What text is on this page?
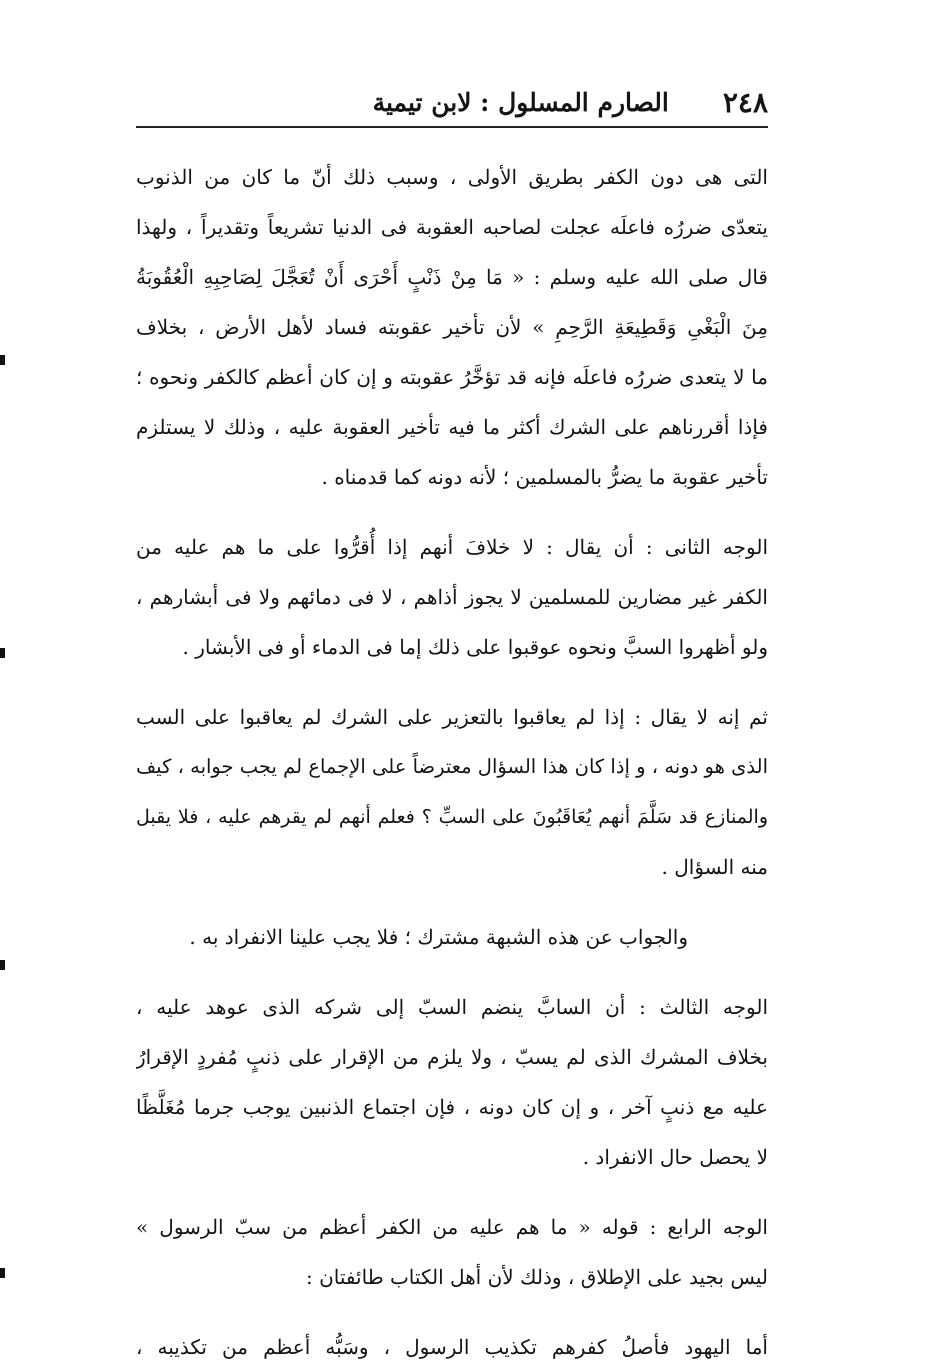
٢٤٨
الصارم المسلول : لابن تيمية
التى هى دون الكفر بطريق الأولى ، وسبب ذلك أنّ ما كان من الذنوب
يتعدّى ضررُه فاعلَه عجلت لصاحبه العقوبة فى الدنيا تشريعاً وتقديراً ، ولهذا
قال صلى الله عليه وسلم : « مَا مِنْ ذَنْبٍ أَحْرَى أَنْ تُعَجَّلَ لِصَاحِبِهِ الْعُقُوبَةُ
مِنَ الْبَغْىِ وَقَطِيعَةِ الرَّحِمِ » لأن تأخير عقوبته فساد لأهل الأرض ، بخلاف
ما لا يتعدى ضررُه فاعلَه فإنه قد تؤخَّرُ عقوبته و إن كان أعظم كالكفر ونحوه ؛
فإذا أقررناهم على الشرك أكثر ما فيه تأخير العقوبة عليه ، وذلك لا يستلزم
تأخير عقوبة ما يضرُّ بالمسلمين ؛ لأنه دونه كما قدمناه .
الوجه الثانى : أن يقال : لا خلافَ أنهم إذا أُقرُّوا على ما هم عليه من
الكفر غير مضارين للمسلمين لا يجوز أذاهم ، لا فى دمائهم ولا فى أبشارهم ،
ولو أظهروا السبَّ ونحوه عوقبوا على ذلك إما فى الدماء أو فى الأبشار .
ثم إنه لا يقال : إذا لم يعاقبوا بالتعزير على الشرك لم يعاقبوا على السب
الذى هو دونه ، و إذا كان هذا السؤال معترضاً على الإجماع لم يجب جوابه ، كيف
والمنازع قد سَلَّمَ أنهم يُعَاقَبُونَ على السبِّ ؟ فعلم أنهم لم يقرهم عليه ، فلا يقبل
منه السؤال .
والجواب عن هذه الشبهة مشترك ؛ فلا يجب علينا الانفراد به .
الوجه الثالث : أن السابَّ ينضم السبّ إلى شركه الذى عوهد عليه ،
بخلاف المشرك الذى لم يسبّ ، ولا يلزم من الإقرار على ذنبٍ مُفردٍ الإقرارُ
عليه مع ذنبٍ آخر ، و إن كان دونه ، فإن اجتماع الذنبين يوجب جرما مُغَلَّظًا
لا يحصل حال الانفراد .
الوجه الرابع : قوله « ما هم عليه من الكفر أعظم من سبّ الرسول »
ليس بجيد على الإطلاق ، وذلك لأن أهل الكتاب طائفتان :
أما اليهود فأصلُ كفرهم تكذيب الرسول ، وسَبُّه أعظم من تكذيبه ،
